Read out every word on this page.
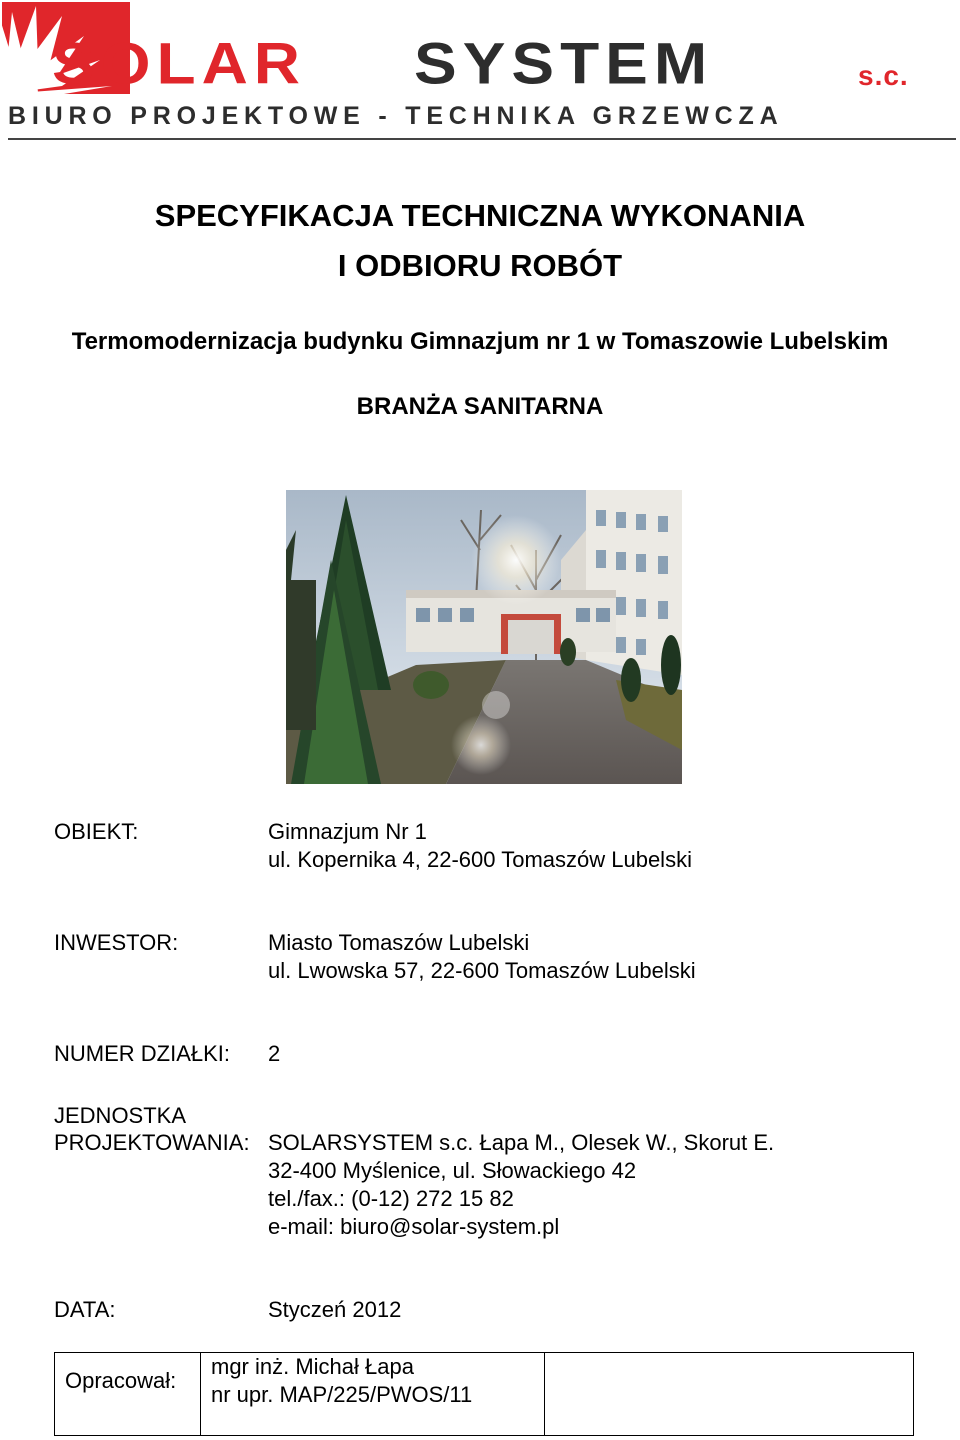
SOLAR SYSTEM	s.c.
BIURO PROJEKTOWE - TECHNIKA GRZEWCZA
SPECYFIKACJA TECHNICZNA WYKONANIA
I ODBIORU ROBÓT
Termomodernizacja budynku Gimnazjum nr 1 w Tomaszowie Lubelskim
BRANŻA SANITARNA
OBIEKT:	Gimnazjum Nr 1
ul. Kopernika 4, 22-600 Tomaszów Lubelski
INWESTOR:	Miasto Tomaszów Lubelski
ul. Lwowska 57, 22-600 Tomaszów Lubelski
NUMER DZIAŁKI: 2
JEDNOSTKA
PROJEKTOWANIA: SOLARSYSTEM s.c. Łapa M., Olesek W., Skorut E.
32-400 Myślenice, ul. Słowackiego 42
tel./fax.: (0-12) 272 15 82
e-mail: biuro@solar-system.pl
DATA:	Styczeń 2012
Opracował:
mgr inż. Michał Łapa
nr upr. MAP/225/PWOS/11
